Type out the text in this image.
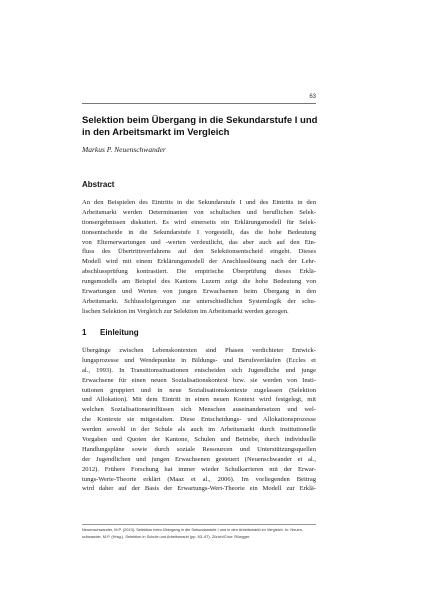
63
Selektion beim Übergang in die Sekundarstufe I und
in den Arbeitsmarkt im Vergleich

Markus P. Neuenschwander

Abstract
An den Beispielen des Eintritts in die Sekundarstufe I und des Eintritts in den
Arbeitsmarkt werden Determinanten von schulischen und beruflichen Selek-
tionsergebnissen diskutiert. Es wird einerseits ein Erklärungsmodell für Selek-
tionsentscheide in die Sekundarstufe I vorgestellt, das die hohe Bedeutung
von Elternerwartungen und -werten verdeutlicht, das aber auch auf den Ein-
fluss des Übertrittsverfahrens auf den Selektionsentscheid eingeht. Dieses
Modell wird mit einem Erklärungsmodell der Anschlusslösung nach der Lehr-
abschlussprüfung kontrastiert. Die empirische Überprüfung dieses Erklä-
rungsmodells am Beispiel des Kantons Luzern zeigt die hohe Bedeutung von
Erwartungen und Werten von jungen Erwachsenen beim Übergang in den
Arbeitsmarkt. Schlussfolgerungen zur unterschiedlichen Systemlogik der schu-
lischen Selektion im Vergleich zur Selektion im Arbeitsmarkt werden gezogen.
1 Einleitung
Übergänge zwischen Lebenskontexten sind Phasen verdichteter Entwick-
lungsprozesse und Wendepunkte in Bildungs- und Berufsverläufen (Eccles et
al., 1993). In Transitionssituationen entscheiden sich Jugendliche und junge
Erwachsene für einen neuen Sozialisationskontext bzw. sie werden von Insti-
tutionen gruppiert und in neue Sozialisationskontexte zugelassen (Selektion
und Allokation). Mit dem Eintritt in einen neuen Kontext wird festgelegt, mit
welchen Sozialisationseinflüssen sich Menschen auseinandersetzen und wel-
che Kontexte sie mitgestalten. Diese Entscheidungs- und Allokationsprozesse
werden sowohl in der Schule als auch im Arbeitsmarkt durch institutionelle
Vorgaben und Quoten der Kantone, Schulen und Betriebe, durch individuelle
Handlungspläne sowie durch soziale Ressourcen und Unterstützungsquellen
der Jugendlichen und jungen Erwachsenen gesteuert (Neuenschwander et al.,
2012). Frühere Forschung hat immer wieder Schulkarrieren mit der Erwar-
tungs-Werte-Theorie erklärt (Maaz et al., 2006). Im vorliegenden Beitrag
wird daher auf der Basis der Erwartungs-Wert-Theorie ein Modell zur Erklä-
Neuenschwander, M.P. (2013). Selektion beim Übergang in die Sekundarstufe I und in den Arbeitsmarkt im Vergleich. In: Neuen-
schwander, M.P. (Hrsg.). Selektion in Schule und Arbeitsmarkt (pp. 63–97). Zürich/Chur: Rüegger.
